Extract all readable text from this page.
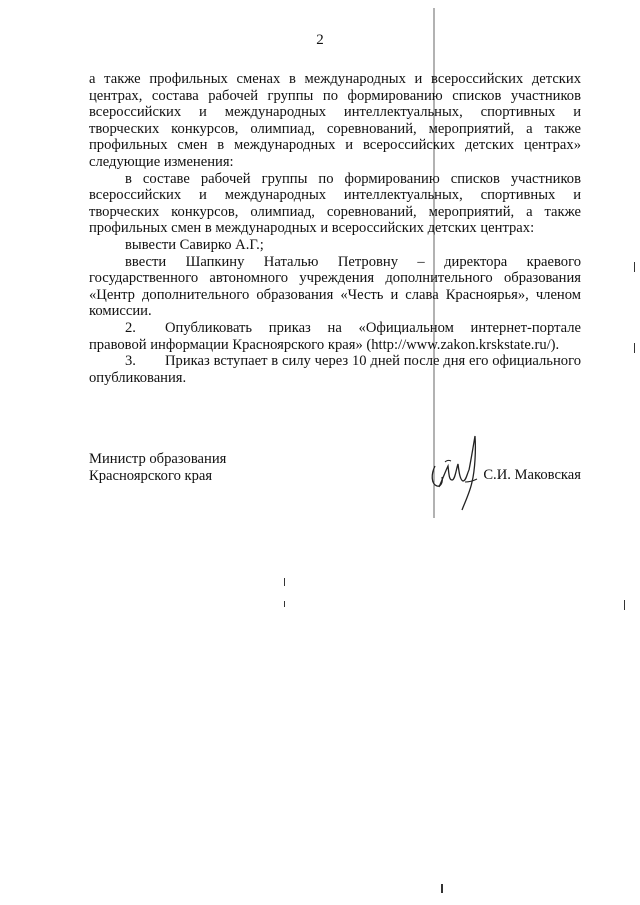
2

а также профильных сменах в международных и всероссийских детских центрах, состава рабочей группы по формированию списков участников всероссийских и международных интеллектуальных, спортивных и творческих конкурсов, олимпиад, соревнований, мероприятий, а также профильных смен в международных и всероссийских детских центрах» следующие изменения:

в составе рабочей группы по формированию списков участников всероссийских и международных интеллектуальных, спортивных и творческих конкурсов, олимпиад, соревнований, мероприятий, а также профильных смен в международных и всероссийских детских центрах:

вывести Савирко А.Г.;

ввести Шапкину Наталью Петровну – директора краевого государственного автономного учреждения дополнительного образования «Центр дополнительного образования «Честь и слава Красноярья», членом комиссии.

2. Опубликовать приказ на «Официальном интернет-портале правовой информации Красноярского края» (http://www.zakon.krskstate.ru/).

3. Приказ вступает в силу через 10 дней после дня его официального опубликования.

Министр образования
Красноярского края	С.И. Маковская
